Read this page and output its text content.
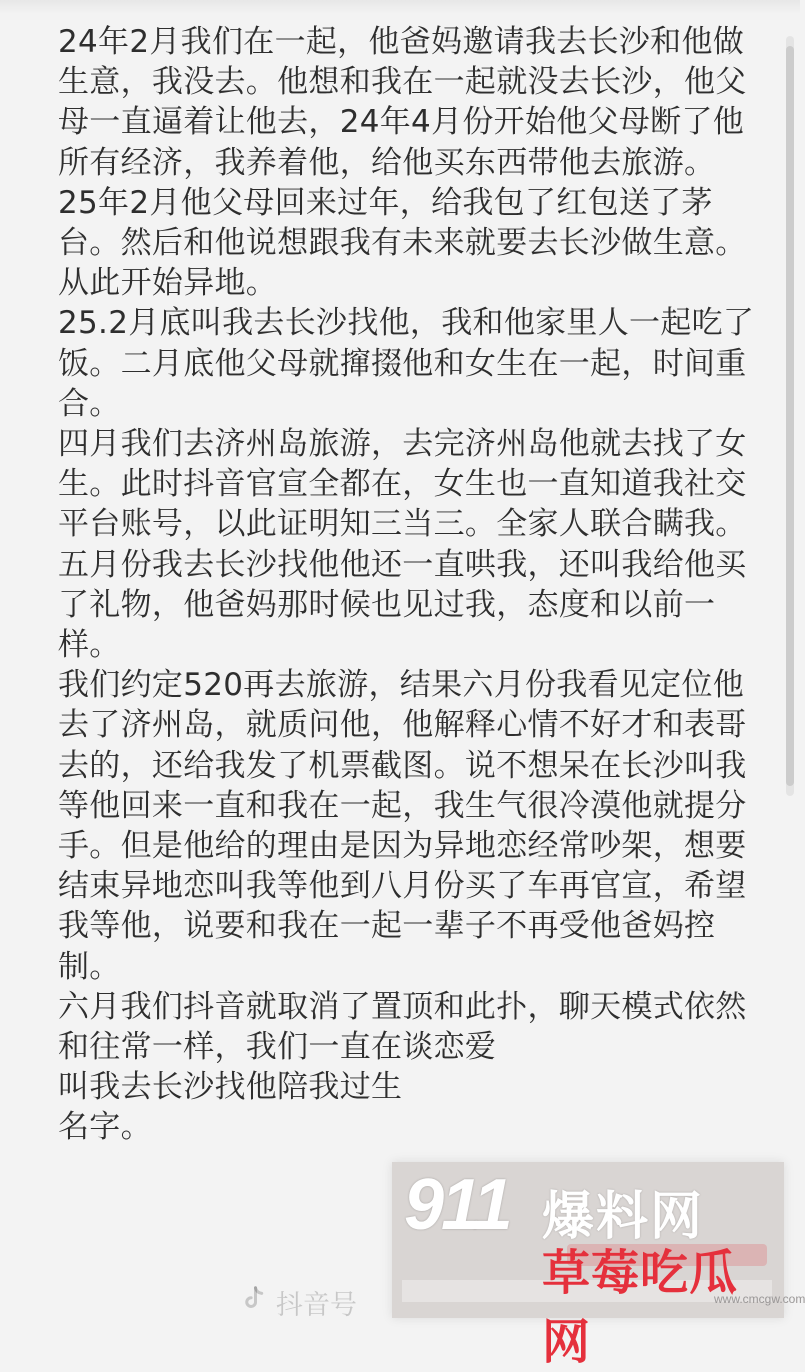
24年2月我们在一起，他爸妈邀请我去长沙和他做
生意，我没去。他想和我在一起就没去长沙，他父
母一直逼着让他去，24年4月份开始他父母断了他
所有经济，我养着他，给他买东西带他去旅游。
25年2月他父母回来过年，给我包了红包送了茅
台。然后和他说想跟我有未来就要去长沙做生意。
从此开始异地。
25.2月底叫我去长沙找他，我和他家里人一起吃了
饭。二月底他父母就撺掇他和女生在一起，时间重
合。
四月我们去济州岛旅游，去完济州岛他就去找了女
生。此时抖音官宣全都在，女生也一直知道我社交
平台账号，以此证明知三当三。全家人联合瞒我。
五月份我去长沙找他他还一直哄我，还叫我给他买
了礼物，他爸妈那时候也见过我，态度和以前一
样。
我们约定520再去旅游，结果六月份我看见定位他
去了济州岛，就质问他，他解释心情不好才和表哥
去的，还给我发了机票截图。说不想呆在长沙叫我
等他回来一直和我在一起，我生气很冷漠他就提分
手。但是他给的理由是因为异地恋经常吵架，想要
结束异地恋叫我等他到八月份买了车再官宣，希望
我等他，说要和我在一起一辈子不再受他爸妈控
制。
六月我们抖音就取消了置顶和此扑，聊天模式依然
和往常一样，我们一直在谈恋爱
叫我去长沙找他陪我过生
名字。
抖音号
911 爆料网
草莓吃瓜网
www.cmcgw.com
